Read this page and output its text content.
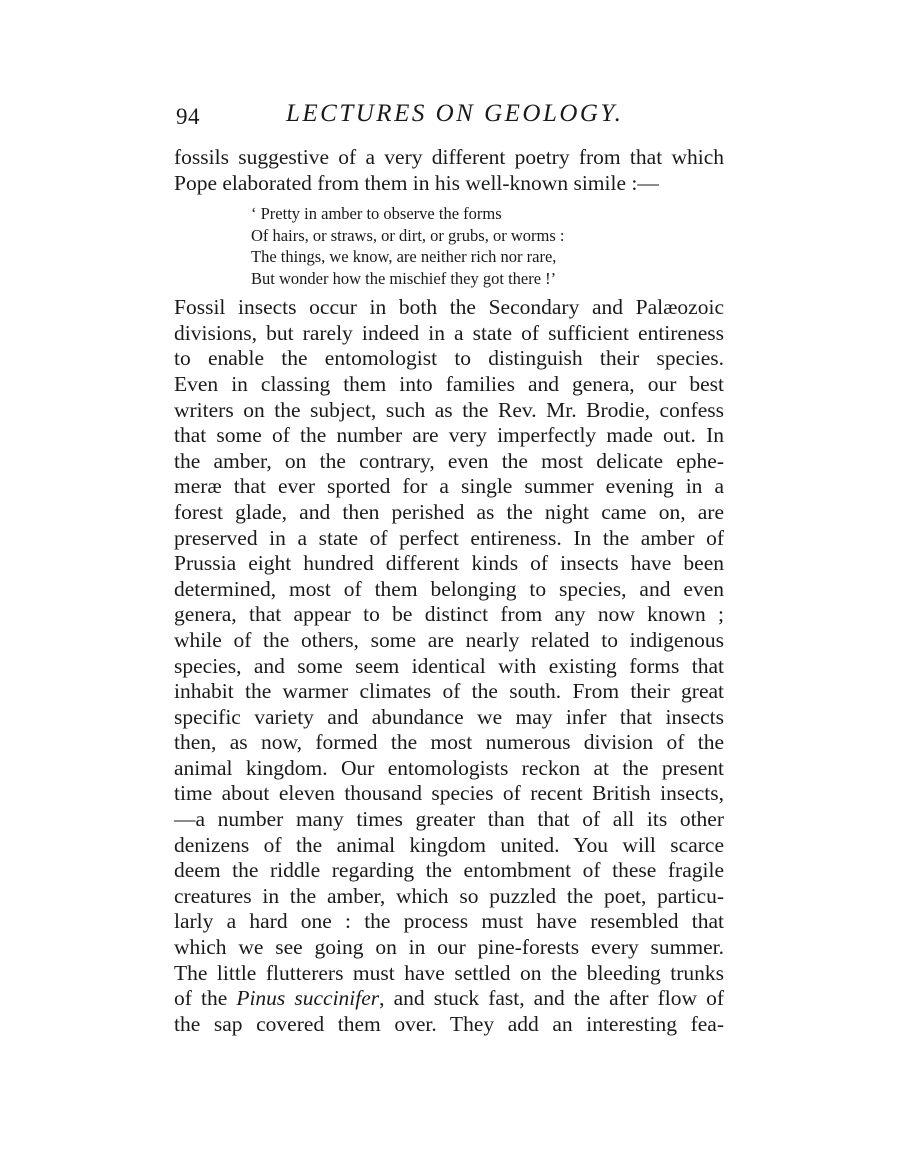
94	LECTURES ON GEOLOGY.
fossils suggestive of a very different poetry from that which
Pope elaborated from them in his well-known simile :—
‘ Pretty in amber to observe the forms
Of hairs, or straws, or dirt, or grubs, or worms :
The things, we know, are neither rich nor rare,
But wonder how the mischief they got there !’
Fossil insects occur in both the Secondary and Palæozoic
divisions, but rarely indeed in a state of sufficient entireness
to enable the entomologist to distinguish their species.
Even in classing them into families and genera, our best
writers on the subject, such as the Rev. Mr. Brodie, confess
that some of the number are very imperfectly made out. In
the amber, on the contrary, even the most delicate ephe-
meræ that ever sported for a single summer evening in a
forest glade, and then perished as the night came on, are
preserved in a state of perfect entireness. In the amber of
Prussia eight hundred different kinds of insects have been
determined, most of them belonging to species, and even
genera, that appear to be distinct from any now known ;
while of the others, some are nearly related to indigenous
species, and some seem identical with existing forms that
inhabit the warmer climates of the south. From their great
specific variety and abundance we may infer that insects
then, as now, formed the most numerous division of the
animal kingdom. Our entomologists reckon at the present
time about eleven thousand species of recent British insects,
—a number many times greater than that of all its other
denizens of the animal kingdom united. You will scarce
deem the riddle regarding the entombment of these fragile
creatures in the amber, which so puzzled the poet, particu-
larly a hard one : the process must have resembled that
which we see going on in our pine-forests every summer.
The little flutterers must have settled on the bleeding trunks
of the Pinus succinifer, and stuck fast, and the after flow of
the sap covered them over. They add an interesting fea-
